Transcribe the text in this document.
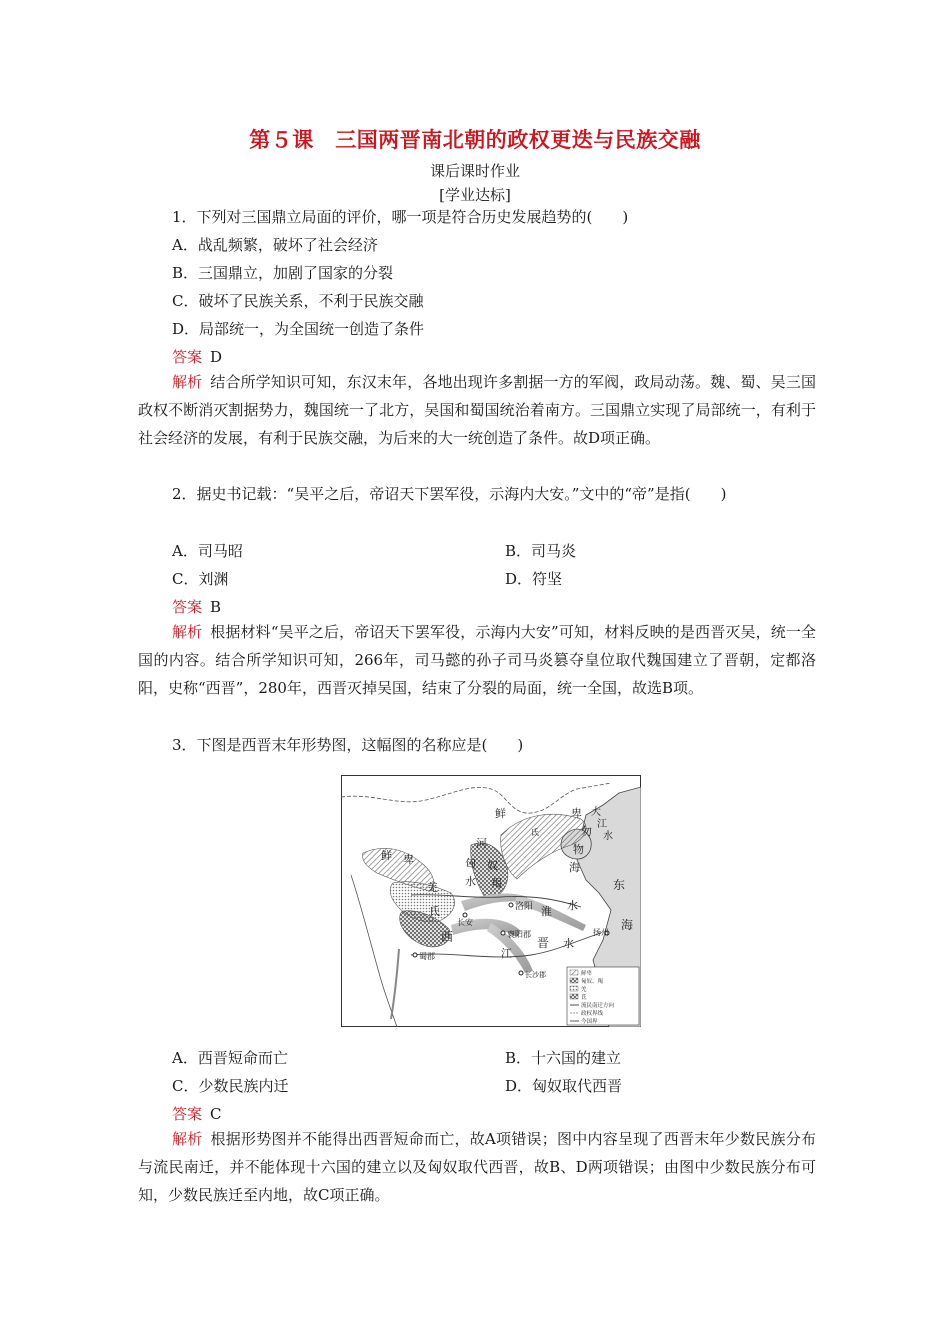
第５课　三国两晋南北朝的政权更迭与民族交融
课后课时作业
[学业达标]
1．下列对三国鼎立局面的评价，哪一项是符合历史发展趋势的(　　)
A．战乱频繁，破坏了社会经济
B．三国鼎立，加剧了国家的分裂
C．破坏了民族关系，不利于民族交融
D．局部统一，为全国统一创造了条件
答案 D
解析 结合所学知识可知，东汉末年，各地出现许多割据一方的军阀，政局动荡。魏、蜀、吴三国政权不断消灭割据势力，魏国统一了北方，吴国和蜀国统治着南方。三国鼎立实现了局部统一，有利于社会经济的发展，有利于民族交融，为后来的大一统创造了条件。故D项正确。
2．据史书记载：“吴平之后，帝诏天下罢军役，示海内大安。”文中的“帝”是指(　　)
A．司马昭	B．司马炎
C．刘渊	D．符坚
答案 B
解析 根据材料“吴平之后，帝诏天下罢军役，示海内大安”可知，材料反映的是西晋灭吴，统一全国的内容。结合所学知识可知，266年，司马懿的孙子司马炎篡夺皇位取代魏国建立了晋朝，定都洛阳，史称“西晋”，280年，西晋灭掉吴国，结束了分裂的局面，统一全国，故选B项。
3．下图是西晋末年形势图，这幅图的名称应是(　　)
鲜	卑
鲜 卑
河
匈 奴
水 羯
羌
氐
氐
大
江
水
勿
物
海
东
海
洛阳
长安
襄阳郡
西	晋
江
水
淮 水
扬州
蜀郡
长沙郡	鲜卑
匈奴、羯
羌
氐
流民南迁方向
政权界线
今国界
A．西晋短命而亡	B．十六国的建立
C．少数民族内迁	D．匈奴取代西晋
答案 C
解析 根据形势图并不能得出西晋短命而亡，故A项错误；图中内容呈现了西晋末年少数民族分布与流民南迁，并不能体现十六国的建立以及匈奴取代西晋，故B、D两项错误；由图中少数民族分布可知，少数民族迁至内地，故C项正确。
